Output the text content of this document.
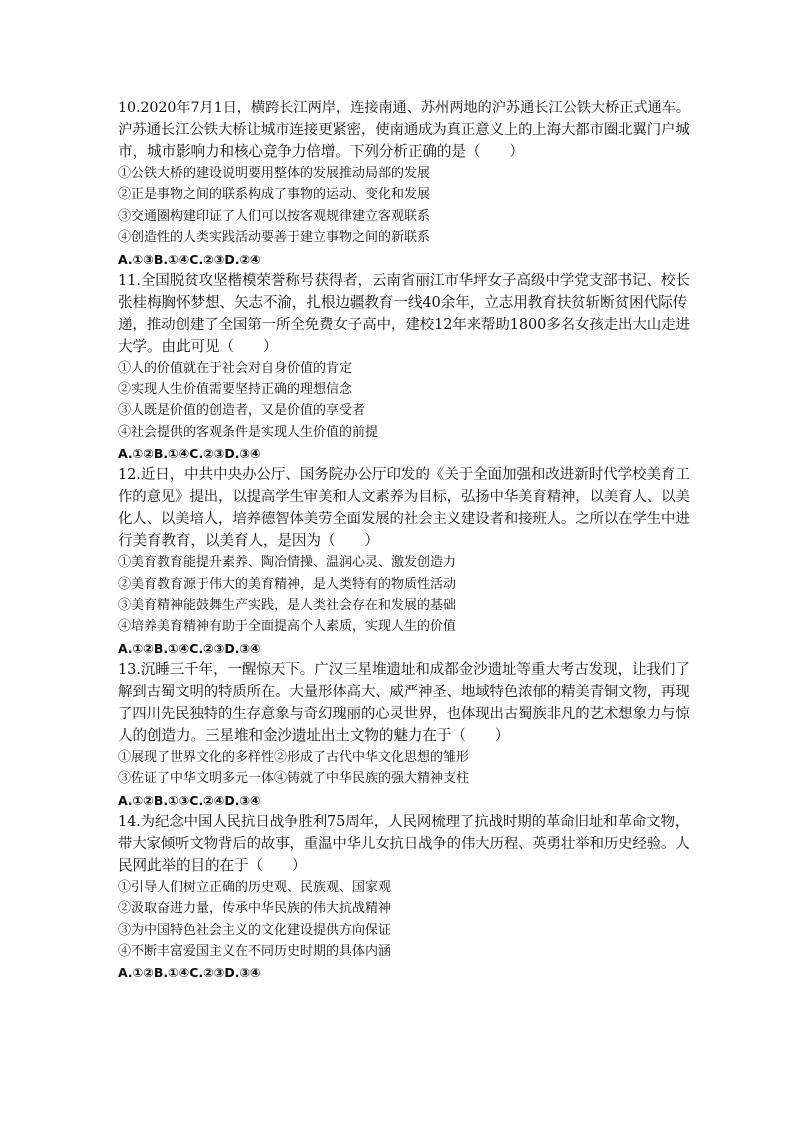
10.2020年7月1日，横跨长江两岸，连接南通、苏州两地的沪苏通长江公铁大桥正式通车。
沪苏通长江公铁大桥让城市连接更紧密，使南通成为真正意义上的上海大都市圈北翼门户城
市，城市影响力和核心竞争力倍增。下列分析正确的是（　　）
①公铁大桥的建设说明要用整体的发展推动局部的发展
②正是事物之间的联系构成了事物的运动、变化和发展
③交通圈构建印证了人们可以按客观规律建立客观联系
④创造性的人类实践活动要善于建立事物之间的新联系
A.①③B.①④C.②③D.②④
11.全国脱贫攻坚楷模荣誉称号获得者，云南省丽江市华坪女子高级中学党支部书记、校长
张桂梅胸怀梦想、矢志不渝，扎根边疆教育一线40余年，立志用教育扶贫斩断贫困代际传
递，推动创建了全国第一所全免费女子高中，建校12年来帮助1800多名女孩走出大山走进
大学。由此可见（　　）
①人的价值就在于社会对自身价值的肯定
②实现人生价值需要坚持正确的理想信念
③人既是价值的创造者，又是价值的享受者
④社会提供的客观条件是实现人生价值的前提
A.①②B.①④C.②③D.③④
12.近日，中共中央办公厅、国务院办公厅印发的《关于全面加强和改进新时代学校美育工
作的意见》提出，以提高学生审美和人文素养为目标，弘扬中华美育精神，以美育人、以美
化人、以美培人，培养德智体美劳全面发展的社会主义建设者和接班人。之所以在学生中进
行美育教育，以美育人，是因为（　　）
①美育教育能提升素养、陶冶情操、温润心灵、激发创造力
②美育教育源于伟大的美育精神，是人类特有的物质性活动
③美育精神能鼓舞生产实践，是人类社会存在和发展的基础
④培养美育精神有助于全面提高个人素质，实现人生的价值
A.①②B.①④C.②③D.③④
13.沉睡三千年，一醒惊天下。广汉三星堆遗址和成都金沙遗址等重大考古发现，让我们了
解到古蜀文明的特质所在。大量形体高大、威严神圣、地域特色浓郁的精美青铜文物，再现
了四川先民独特的生存意象与奇幻瑰丽的心灵世界，也体现出古蜀族非凡的艺术想象力与惊
人的创造力。三星堆和金沙遗址出土文物的魅力在于（　　）
①展现了世界文化的多样性②形成了古代中华文化思想的雏形
③佐证了中华文明多元一体④铸就了中华民族的强大精神支柱
A.①②B.①③C.②④D.③④
14.为纪念中国人民抗日战争胜利75周年，人民网梳理了抗战时期的革命旧址和革命文物，
带大家倾听文物背后的故事，重温中华儿女抗日战争的伟大历程、英勇壮举和历史经验。人
民网此举的目的在于（　　）
①引导人们树立正确的历史观、民族观、国家观
②汲取奋进力量，传承中华民族的伟大抗战精神
③为中国特色社会主义的文化建设提供方向保证
④不断丰富爱国主义在不同历史时期的具体内涵
A.①②B.①④C.②③D.③④
